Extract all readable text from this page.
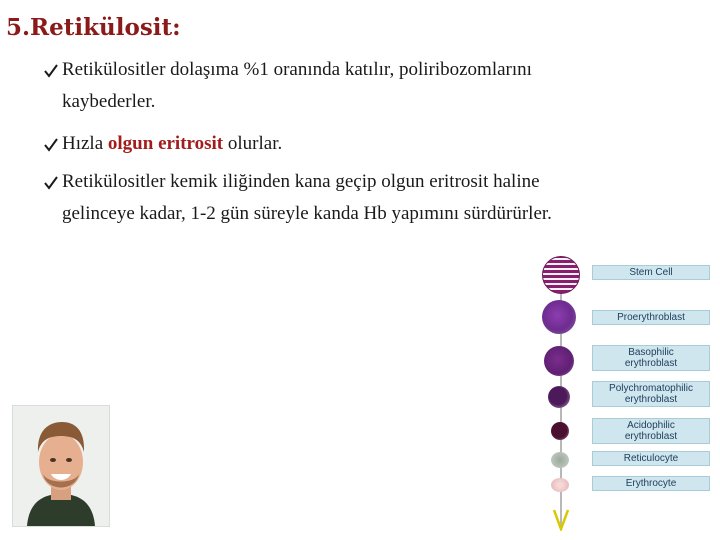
5.Retikülosit:
Retikülositler dolaşıma %1 oranında katılır, poliribozomlarını
kaybederler.
Hızla olgun eritrosit olurlar.
Retikülositler kemik iliğinden kana geçip olgun eritrosit haline
gelinceye kadar, 1-2 gün süreyle kanda Hb yapımını sürdürürler.
Stem Cell
Proerythroblast
Basophilic
erythroblast
Polychromatophilic
erythroblast
Acidophilic
erythroblast
Reticulocyte
Erythrocyte
